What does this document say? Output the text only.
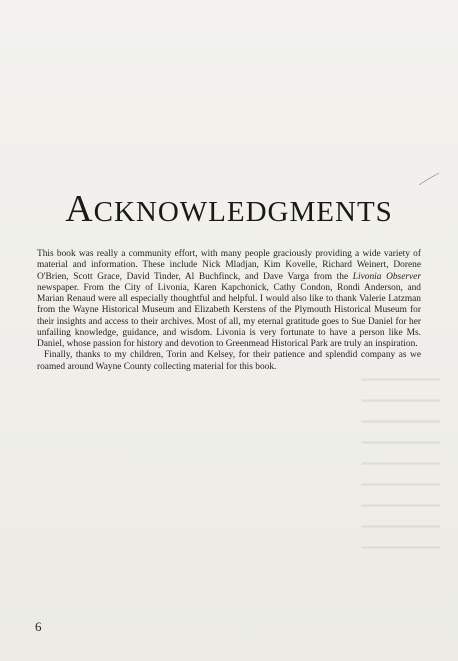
━━━━━━━━━━
━━━━━━━━━━
━━━━━━━━━━
━━━━━━━━━━
━━━━━━━━━━
━━━━━━━━━━
━━━━━━━━━━
━━━━━━━━━━
━━━━━━━━━━
ACKNOWLEDGMENTS

This book was really a community effort, with many people graciously providing a wide variety of material and information. These include Nick Mladjan, Kim Kovelle, Richard Weinert, Dorene O'Brien, Scott Grace, David Tinder, Al Buchfinck, and Dave Varga from the Livonia Observer newspaper. From the City of Livonia, Karen Kapchonick, Cathy Condon, Rondi Anderson, and Marian Renaud were all especially thoughtful and helpful. I would also like to thank Valerie Latzman from the Wayne Historical Museum and Elizabeth Kerstens of the Plymouth Historical Museum for their insights and access to their archives. Most of all, my eternal gratitude goes to Sue Daniel for her unfailing knowledge, guidance, and wisdom. Livonia is very fortunate to have a person like Ms. Daniel, whose passion for history and devotion to Greenmead Historical Park are truly an inspiration.

Finally, thanks to my children, Torin and Kelsey, for their patience and splendid company as we roamed around Wayne County collecting material for this book.

6
